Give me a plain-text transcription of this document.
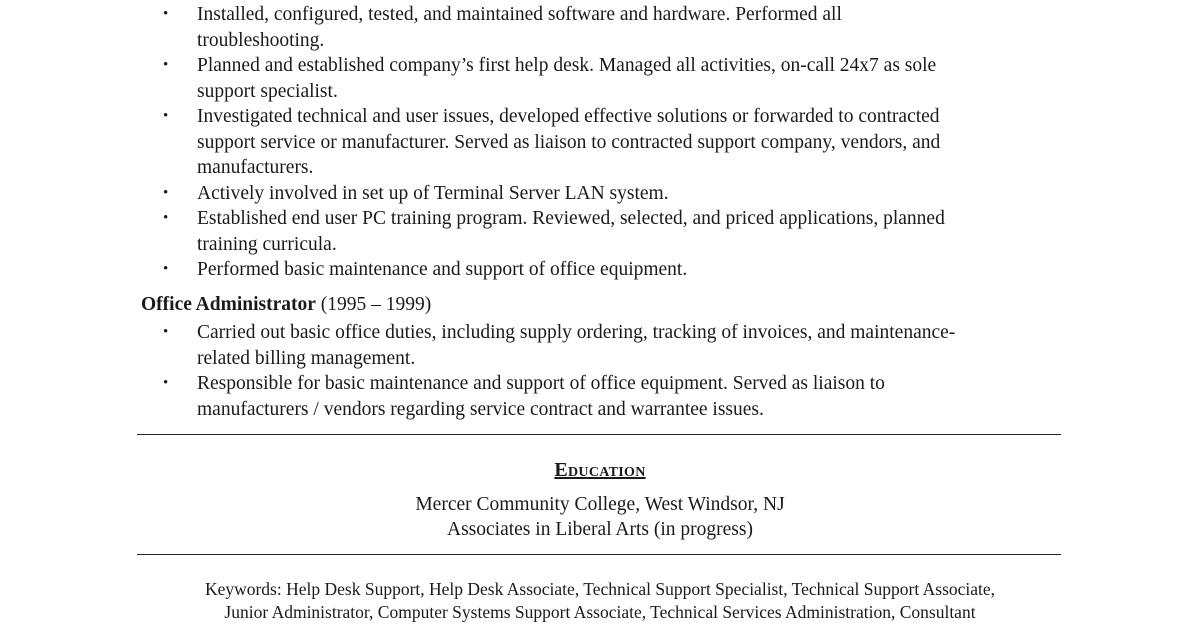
• Installed, configured, tested, and maintained software and hardware. Performed all
troubleshooting.
• Planned and established company’s first help desk. Managed all activities, on-call 24x7 as sole
support specialist.
• Investigated technical and user issues, developed effective solutions or forwarded to contracted
support service or manufacturer. Served as liaison to contracted support company, vendors, and
manufacturers.
• Actively involved in set up of Terminal Server LAN system.
• Established end user PC training program. Reviewed, selected, and priced applications, planned
training curricula.
• Performed basic maintenance and support of office equipment.
Office Administrator (1995 – 1999)
• Carried out basic office duties, including supply ordering, tracking of invoices, and maintenance-
related billing management.
• Responsible for basic maintenance and support of office equipment. Served as liaison to
manufacturers / vendors regarding service contract and warrantee issues.
Education
Mercer Community College, West Windsor, NJ
Associates in Liberal Arts (in progress)
Keywords: Help Desk Support, Help Desk Associate, Technical Support Specialist, Technical Support Associate,
Junior Administrator, Computer Systems Support Associate, Technical Services Administration, Consultant
